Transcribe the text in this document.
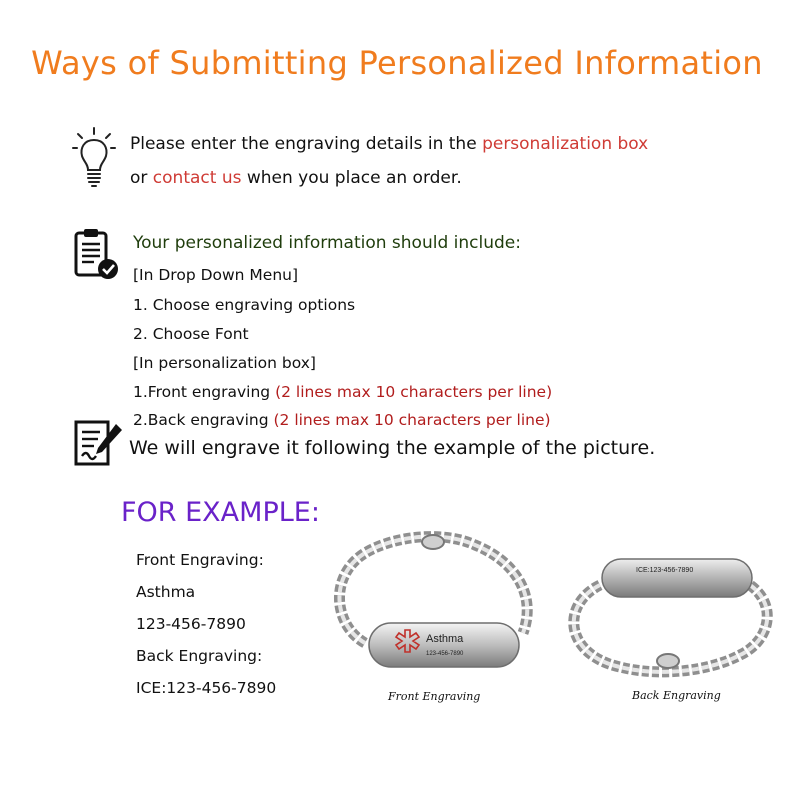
Ways of Submitting Personalized Information
Please enter the engraving details in the personalization box
or contact us when you place an order.
Your personalized information should include:
[In Drop Down Menu]
1. Choose engraving options
2. Choose Font
[In personalization box]
1.Front engraving (2 lines max 10 characters per line)
2.Back engraving (2 lines max 10 characters per line)
We will engrave it following the example of the picture.
FOR EXAMPLE:
Front Engraving:
Asthma
123-456-7890
Back Engraving:
ICE:123-456-7890
Asthma
123-456-7890
Front Engraving
ICE:123-456-7890
Back Engraving
